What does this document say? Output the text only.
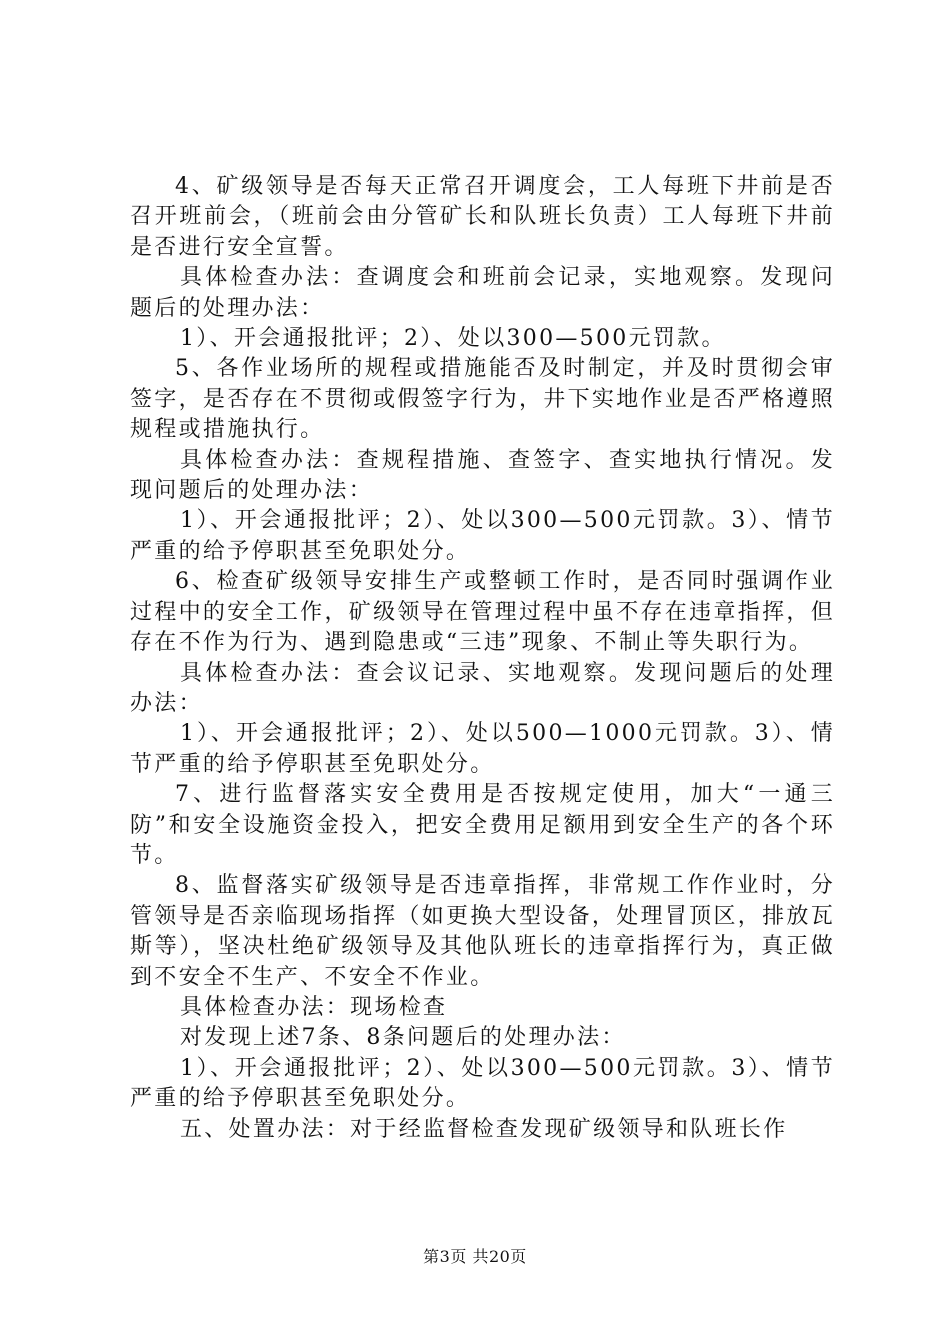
4、矿级领导是否每天正常召开调度会，工人每班下井前是否召开班前会，（班前会由分管矿长和队班长负责）工人每班下井前是否进行安全宣誓。

具体检查办法：查调度会和班前会记录，实地观察。发现问题后的处理办法：

1）、开会通报批评；2）、处以300—500元罚款。

5、各作业场所的规程或措施能否及时制定，并及时贯彻会审签字，是否存在不贯彻或假签字行为，井下实地作业是否严格遵照规程或措施执行。

具体检查办法：查规程措施、查签字、查实地执行情况。发现问题后的处理办法：

1）、开会通报批评；2）、处以300—500元罚款。3）、情节严重的给予停职甚至免职处分。

6、检查矿级领导安排生产或整顿工作时，是否同时强调作业过程中的安全工作，矿级领导在管理过程中虽不存在违章指挥，但存在不作为行为、遇到隐患或“三违”现象、不制止等失职行为。

具体检查办法：查会议记录、实地观察。发现问题后的处理办法：

1）、开会通报批评；2）、处以500—1000元罚款。3）、情节严重的给予停职甚至免职处分。

7、进行监督落实安全费用是否按规定使用，加大“一通三防”和安全设施资金投入，把安全费用足额用到安全生产的各个环节。

8、监督落实矿级领导是否违章指挥，非常规工作作业时，分管领导是否亲临现场指挥（如更换大型设备，处理冒顶区，排放瓦斯等），坚决杜绝矿级领导及其他队班长的违章指挥行为，真正做到不安全不生产、不安全不作业。

具体检查办法：现场检查

对发现上述7条、8条问题后的处理办法：

1）、开会通报批评；2）、处以300—500元罚款。3）、情节严重的给予停职甚至免职处分。

五、处置办法：对于经监督检查发现矿级领导和队班长作

第3页 共20页
